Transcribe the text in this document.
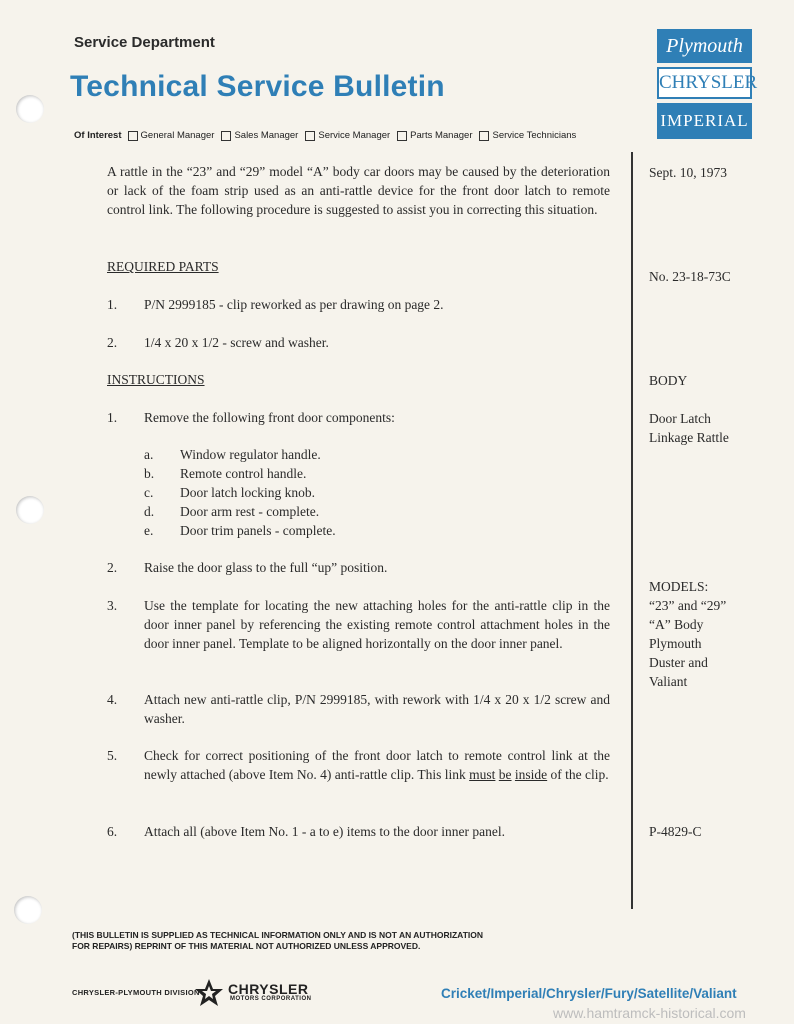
Service Department
Technical Service Bulletin
Of Interest General Manager Sales Manager Service Manager Parts Manager Service Technicians
Plymouth
CHRYSLER
IMPERIAL
A rattle in the “23” and “29” model “A” body car doors may be caused by the deterioration or lack of the foam strip used as an anti-rattle device for the front door latch to remote control link. The following procedure is suggested to assist you in correcting this situation.
REQUIRED PARTS
1. P/N 2999185 - clip reworked as per drawing on page 2.
2. 1/4 x 20 x 1/2 - screw and washer.
INSTRUCTIONS
1. Remove the following front door components:
a. Window regulator handle.
b. Remote control handle.
c. Door latch locking knob.
d. Door arm rest - complete.
e. Door trim panels - complete.
2. Raise the door glass to the full “up” position.
3. Use the template for locating the new attaching holes for the anti-rattle clip in the door inner panel by referencing the existing remote control attachment holes in the door inner panel. Template to be aligned horizontally on the door inner panel.
4. Attach new anti-rattle clip, P/N 2999185, with rework with 1/4 x 20 x 1/2 screw and washer.
5. Check for correct positioning of the front door latch to remote control link at the newly attached (above Item No. 4) anti-rattle clip. This link must be inside of the clip.
6. Attach all (above Item No. 1 - a to e) items to the door inner panel.
Sept. 10, 1973
No. 23-18-73C
BODY
Door Latch
Linkage Rattle
MODELS:
“23” and “29”
“A” Body
Plymouth
Duster and
Valiant
P-4829-C
(THIS BULLETIN IS SUPPLIED AS TECHNICAL INFORMATION ONLY AND IS NOT AN AUTHORIZATION
FOR REPAIRS) REPRINT OF THIS MATERIAL NOT AUTHORIZED UNLESS APPROVED.
CHRYSLER-PLYMOUTH DIVISION CHRYSLER
MOTORS CORPORATION	Cricket/Imperial/Chrysler/Fury/Satellite/Valiant
www.hamtramck-historical.com
